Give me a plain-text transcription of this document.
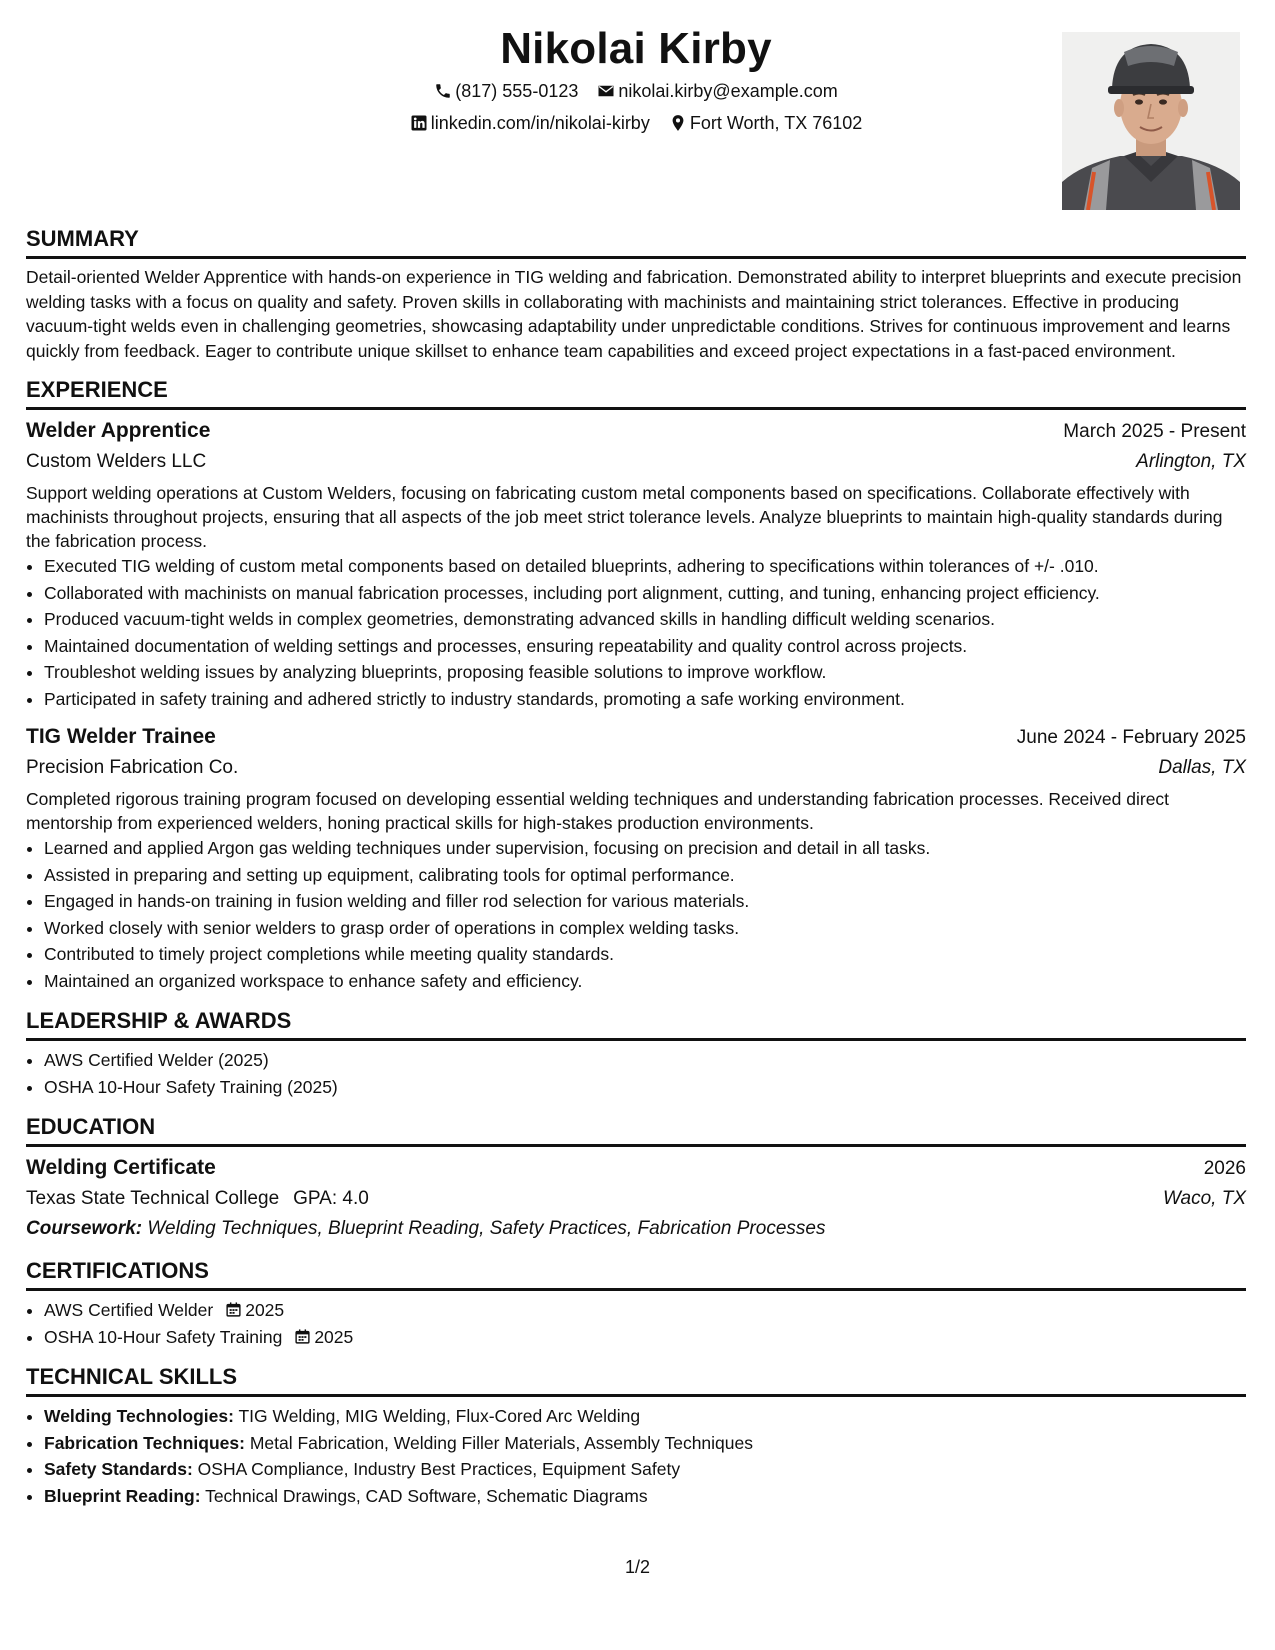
Nikolai Kirby
(817) 555-0123 nikolai.kirby@example.com
linkedin.com/in/nikolai-kirby Fort Worth, TX 76102
SUMMARY

Detail-oriented Welder Apprentice with hands-on experience in TIG welding and fabrication. Demonstrated ability to interpret blueprints and execute precision welding tasks with a focus on quality and safety. Proven skills in collaborating with machinists and maintaining strict tolerances. Effective in producing vacuum-tight welds even in challenging geometries, showcasing adaptability under unpredictable conditions. Strives for continuous improvement and learns quickly from feedback. Eager to contribute unique skillset to enhance team capabilities and exceed project expectations in a fast-paced environment.

EXPERIENCE
Welder Apprentice	March 2025 - Present
Custom Welders LLC	Arlington, TX

Support welding operations at Custom Welders, focusing on fabricating custom metal components based on specifications. Collaborate effectively with machinists throughout projects, ensuring that all aspects of the job meet strict tolerance levels. Analyze blueprints to maintain high-quality standards during the fabrication process.

• Executed TIG welding of custom metal components based on detailed blueprints, adhering to specifications within tolerances of +/- .010.
• Collaborated with machinists on manual fabrication processes, including port alignment, cutting, and tuning, enhancing project efficiency.
• Produced vacuum-tight welds in complex geometries, demonstrating advanced skills in handling difficult welding scenarios.
• Maintained documentation of welding settings and processes, ensuring repeatability and quality control across projects.
• Troubleshot welding issues by analyzing blueprints, proposing feasible solutions to improve workflow.
• Participated in safety training and adhered strictly to industry standards, promoting a safe working environment.
TIG Welder Trainee	June 2024 - February 2025
Precision Fabrication Co.	Dallas, TX

Completed rigorous training program focused on developing essential welding techniques and understanding fabrication processes. Received direct mentorship from experienced welders, honing practical skills for high-stakes production environments.

• Learned and applied Argon gas welding techniques under supervision, focusing on precision and detail in all tasks.
• Assisted in preparing and setting up equipment, calibrating tools for optimal performance.
• Engaged in hands-on training in fusion welding and filler rod selection for various materials.
• Worked closely with senior welders to grasp order of operations in complex welding tasks.
• Contributed to timely project completions while meeting quality standards.
• Maintained an organized workspace to enhance safety and efficiency.
LEADERSHIP & AWARDS
• AWS Certified Welder (2025)
• OSHA 10-Hour Safety Training (2025)
EDUCATION
Welding Certificate	2026
Texas State Technical College GPA: 4.0	Waco, TX
Coursework: Welding Techniques, Blueprint Reading, Safety Practices, Fabrication Processes
CERTIFICATIONS
• AWS Certified Welder 2025
• OSHA 10-Hour Safety Training 2025
TECHNICAL SKILLS
• Welding Technologies: TIG Welding, MIG Welding, Flux-Cored Arc Welding
• Fabrication Techniques: Metal Fabrication, Welding Filler Materials, Assembly Techniques
• Safety Standards: OSHA Compliance, Industry Best Practices, Equipment Safety
• Blueprint Reading: Technical Drawings, CAD Software, Schematic Diagrams
1/2
